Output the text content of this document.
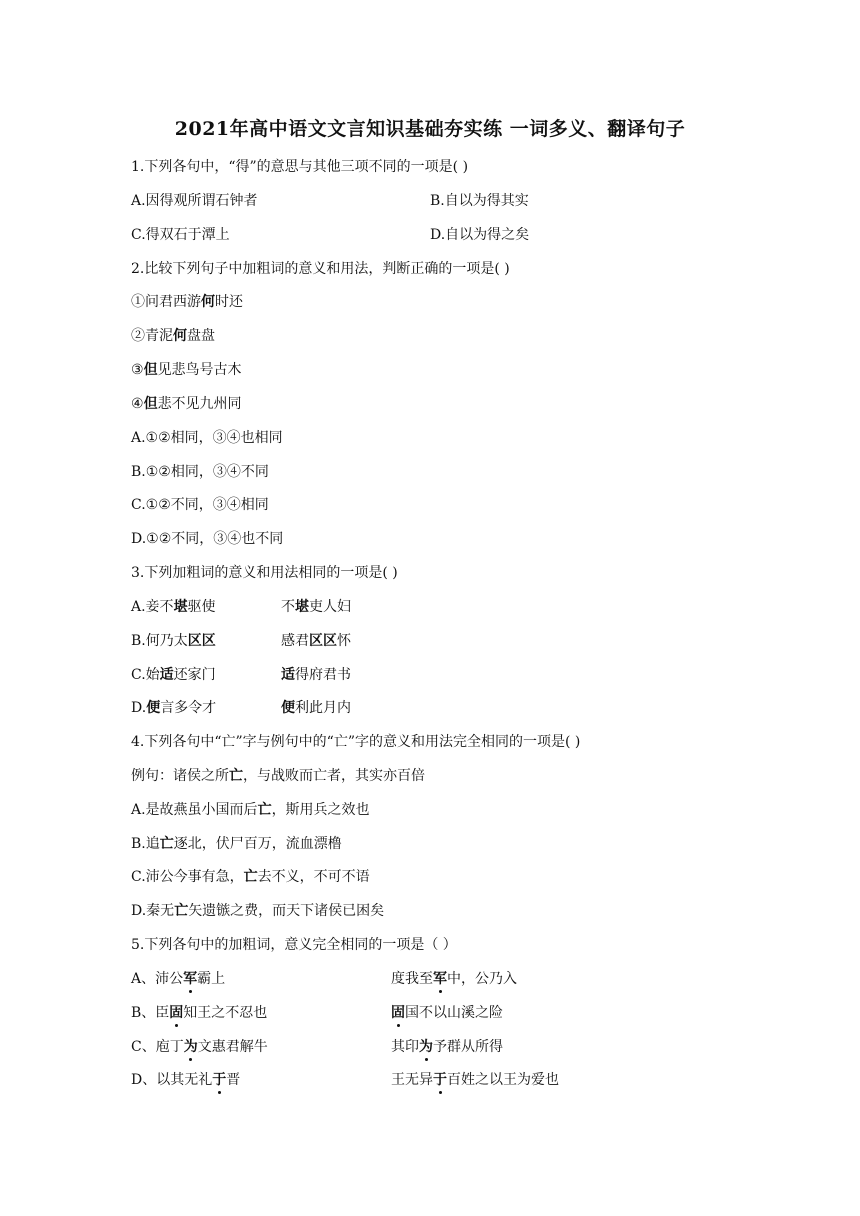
2021年高中语文文言知识基础夯实练 一词多义、翻译句子
1.下列各句中，“得”的意思与其他三项不同的一项是( )
A.因得观所谓石钟者	B.自以为得其实
C.得双石于潭上	D.自以为得之矣
2.比较下列句子中加粗词的意义和用法，判断正确的一项是( )
①问君西游何时还
②青泥何盘盘
③但见悲鸟号古木
④但悲不见九州同
A.①②相同，③④也相同
B.①②相同，③④不同
C.①②不同，③④相同
D.①②不同，③④也不同
3.下列加粗词的意义和用法相同的一项是( )
A.妾不堪驱使	不堪吏人妇
B.何乃太区区	感君区区怀
C.始适还家门	适得府君书
D.便言多令才	便利此月内
4.下列各句中“亡”字与例句中的“亡”字的意义和用法完全相同的一项是( )
例句：诸侯之所亡，与战败而亡者，其实亦百倍
A.是故燕虽小国而后亡，斯用兵之效也
B.追亡逐北，伏尸百万，流血漂橹
C.沛公今事有急，亡去不义，不可不语
D.秦无亡矢遗镞之费，而天下诸侯已困矣
5.下列各句中的加粗词，意义完全相同的一项是（ ）
A、沛公军霸上	度我至军中，公乃入
B、臣固知王之不忍也	固国不以山溪之险
C、庖丁为文惠君解牛	其印为予群从所得
D、以其无礼于晋	王无异于百姓之以王为爱也
